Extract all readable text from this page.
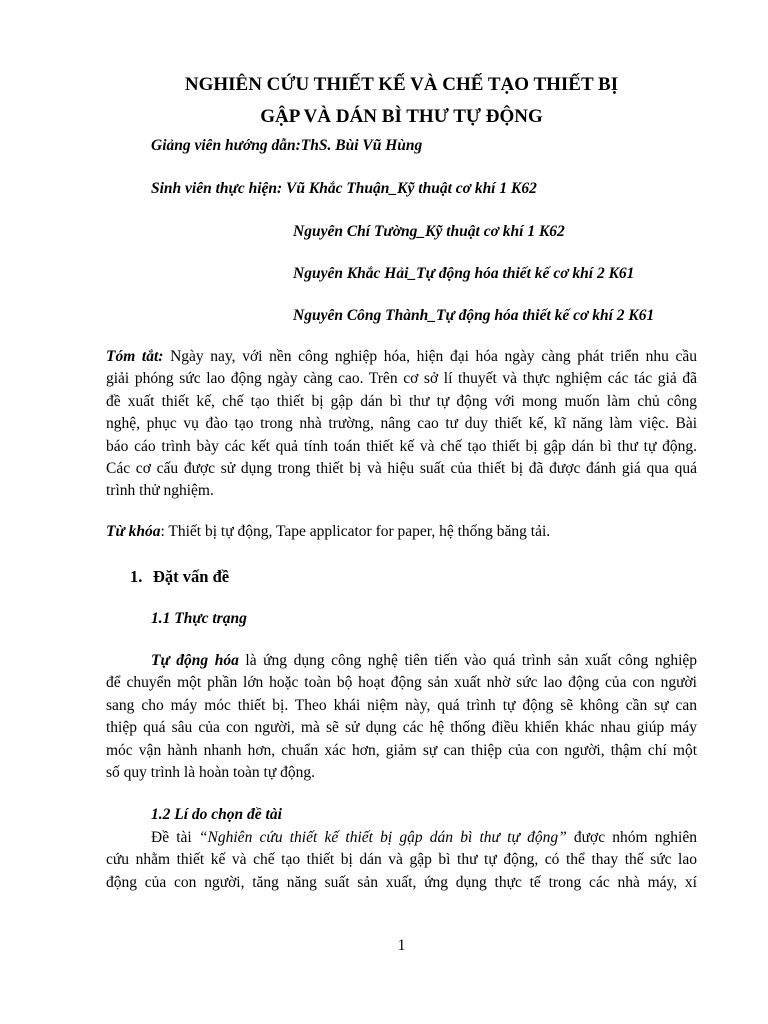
NGHIÊN CỨU THIẾT KẾ VÀ CHẾ TẠO THIẾT BỊ
GẬP VÀ DÁN BÌ THƯ TỰ ĐỘNG
Giảng viên hướng dẫn:ThS. Bùi Vũ Hùng
Sinh viên thực hiện: Vũ Khắc Thuận_Kỹ thuật cơ khí 1 K62
Nguyên Chí Tường_Kỹ thuật cơ khí 1 K62
Nguyên Khắc Hải_Tự động hóa thiết kế cơ khí 2 K61
Nguyên Công Thành_Tự động hóa thiết kế cơ khí 2 K61
Tóm tắt: Ngày nay, với nền công nghiệp hóa, hiện đại hóa ngày càng phát triển nhu cầu
giải phóng sức lao động ngày càng cao. Trên cơ sở lí thuyết và thực nghiệm các tác giả đã
đề xuất thiết kế, chế tạo thiết bị gập dán bì thư tự động với mong muốn làm chủ công
nghệ, phục vụ đào tạo trong nhà trường, nâng cao tư duy thiết kế, kĩ năng làm việc. Bài
báo cáo trình bày các kết quả tính toán thiết kế và chế tạo thiết bị gập dán bì thư tự động.
Các cơ cấu được sử dụng trong thiết bị và hiệu suất của thiết bị đã được đánh giá qua quá
trình thử nghiệm.
Từ khóa: Thiết bị tự động, Tape applicator for paper, hệ thống băng tải.
1. Đặt vấn đề
1.1 Thực trạng
Tự động hóa là ứng dụng công nghệ tiên tiến vào quá trình sản xuất công nghiệp
để chuyển một phần lớn hoặc toàn bộ hoạt động sản xuất nhờ sức lao động của con người
sang cho máy móc thiết bị. Theo khái niệm này, quá trình tự động sẽ không cần sự can
thiệp quá sâu của con người, mà sẽ sử dụng các hệ thống điều khiển khác nhau giúp máy
móc vận hành nhanh hơn, chuẩn xác hơn, giảm sự can thiệp của con người, thậm chí một
số quy trình là hoàn toàn tự động.
1.2 Lí do chọn đề tài
Đề tài “Nghiên cứu thiết kế thiết bị gập dán bì thư tự động” được nhóm nghiên
cứu nhằm thiết kế và chế tạo thiết bị dán và gập bì thư tự động, có thể thay thế sức lao
động của con người, tăng năng suất sản xuất, ứng dụng thực tế trong các nhà máy, xí
1
